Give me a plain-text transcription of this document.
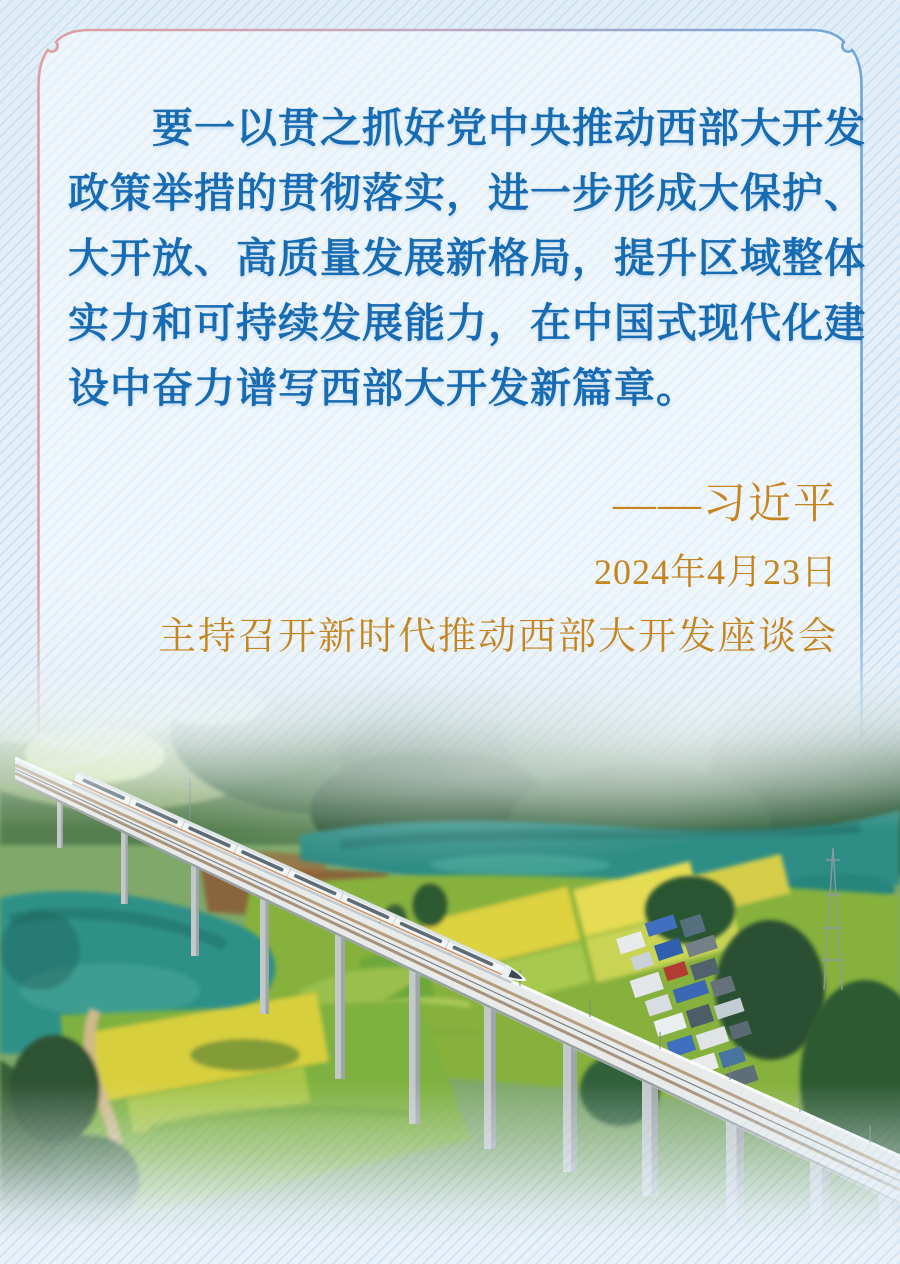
要一以贯之抓好党中央推动西部大开发

政策举措的贯彻落实，进一步形成大保护、

大开放、高质量发展新格局，提升区域整体

实力和可持续发展能力，在中国式现代化建

设中奋力谱写西部大开发新篇章。

——习近平
2024年4月23日
主持召开新时代推动西部大开发座谈会
